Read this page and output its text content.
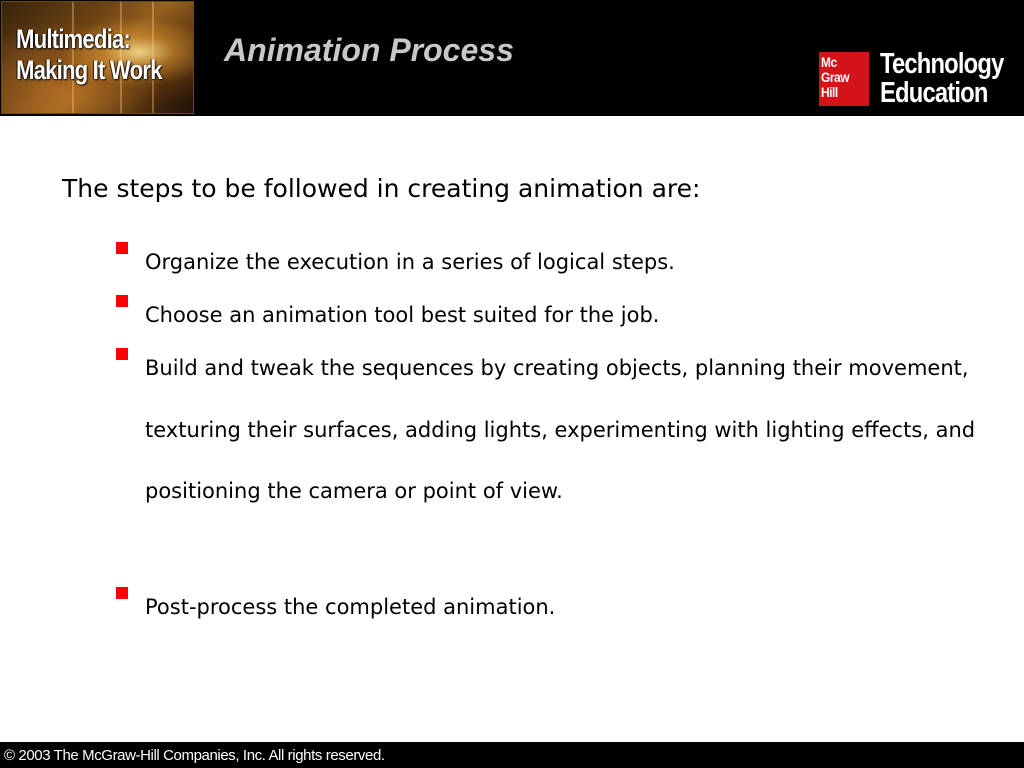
Multimedia:
Making It Work
Animation Process	Mc
Graw
Hill
Technology
Education
The steps to be followed in creating animation are:
Organize the execution in a series of logical steps.
Choose an animation tool best suited for the job.
Build and tweak the sequences by creating objects, planning their movement, texturing their surfaces, adding lights, experimenting with lighting effects, and positioning the camera or point of view.
Post-process the completed animation.
© 2003 The McGraw-Hill Companies, Inc. All rights reserved.
